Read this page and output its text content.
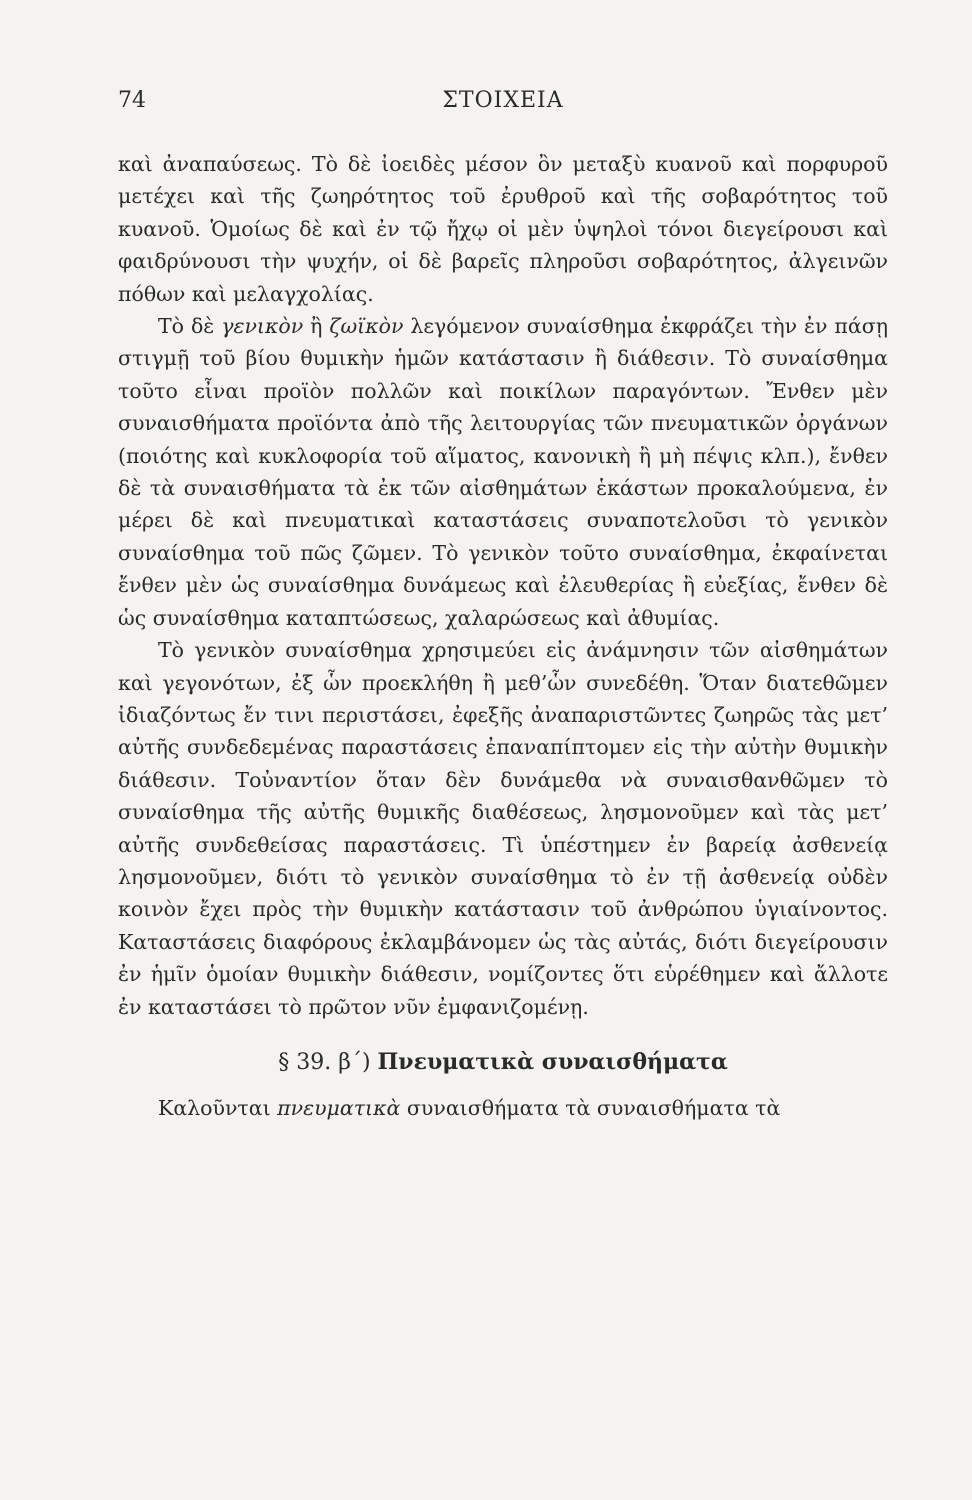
74	ΣΤΟΙΧΕΙΑ

καὶ ἀναπαύσεως. Τὸ δὲ ἰοειδὲς μέσον ὂν μεταξὺ κυανοῦ καὶ πορφυροῦ μετέχει καὶ τῆς ζωηρότητος τοῦ ἐρυθροῦ καὶ τῆς σοβαρότητος τοῦ κυανοῦ. Ὁμοίως δὲ καὶ ἐν τῷ ἤχῳ οἱ μὲν ὑψηλοὶ τόνοι διεγείρουσι καὶ φαιδρύνουσι τὴν ψυχήν, οἱ δὲ βαρεῖς πληροῦσι σοβαρότητος, ἀλγεινῶν πόθων καὶ μελαγχολίας.

Τὸ δὲ γενικὸν ἢ ζωϊκὸν λεγόμενον συναίσθημα ἐκφράζει τὴν ἐν πάσῃ στιγμῇ τοῦ βίου θυμικὴν ἡμῶν κατάστασιν ἢ διάθεσιν. Τὸ συναίσθημα τοῦτο εἶναι προϊὸν πολλῶν καὶ ποικίλων παραγόντων. Ἔνθεν μὲν συναισθήματα προϊόντα ἀπὸ τῆς λειτουργίας τῶν πνευματικῶν ὀργάνων (ποιότης καὶ κυκλοφορία τοῦ αἵματος, κανονικὴ ἢ μὴ πέψις κλπ.), ἔνθεν δὲ τὰ συναισθήματα τὰ ἐκ τῶν αἰσθημάτων ἑκάστων προκαλούμενα, ἐν μέρει δὲ καὶ πνευματικαὶ καταστάσεις συναποτελοῦσι τὸ γενικὸν συναίσθημα τοῦ πῶς ζῶμεν. Τὸ γενικὸν τοῦτο συναίσθημα, ἐκφαίνεται ἔνθεν μὲν ὡς συναίσθημα δυνάμεως καὶ ἐλευθερίας ἢ εὐεξίας, ἔνθεν δὲ ὡς συναίσθημα καταπτώσεως, χαλαρώσεως καὶ ἀθυμίας.

Τὸ γενικὸν συναίσθημα χρησιμεύει εἰς ἀνάμνησιν τῶν αἰσθημάτων καὶ γεγονότων, ἐξ ὧν προεκλήθη ἢ μεθ’ὧν συνεδέθη. Ὅταν διατεθῶμεν ἰδιαζόντως ἔν τινι περιστάσει, ἐφεξῆς ἀναπαριστῶντες ζωηρῶς τὰς μετ’ αὐτῆς συνδεδεμένας παραστάσεις ἐπαναπίπτομεν εἰς τὴν αὐτὴν θυμικὴν διάθεσιν. Τοὐναντίον ὅταν δὲν δυνάμεθα νὰ συναισθανθῶμεν τὸ συναίσθημα τῆς αὐτῆς θυμικῆς διαθέσεως, λησμονοῦμεν καὶ τὰς μετ’ αὐτῆς συνδεθείσας παραστάσεις. Τὶ ὑπέστημεν ἐν βαρείᾳ ἀσθενείᾳ λησμονοῦμεν, διότι τὸ γενικὸν συναίσθημα τὸ ἐν τῇ ἀσθενείᾳ οὐδὲν κοινὸν ἔχει πρὸς τὴν θυμικὴν κατάστασιν τοῦ ἀνθρώπου ὑγιαίνοντος. Καταστάσεις διαφόρους ἐκλαμβάνομεν ὡς τὰς αὐτάς, διότι διεγείρουσιν ἐν ἡμῖν ὁμοίαν θυμικὴν διάθεσιν, νομίζοντες ὅτι εὑρέθημεν καὶ ἄλλοτε ἐν καταστάσει τὸ πρῶτον νῦν ἐμφανιζομένῃ.

§ 39. β΄) Πνευματικὰ συναισθήματα

Καλοῦνται πνευματικὰ συναισθήματα τὰ συναισθήματα τὰ
